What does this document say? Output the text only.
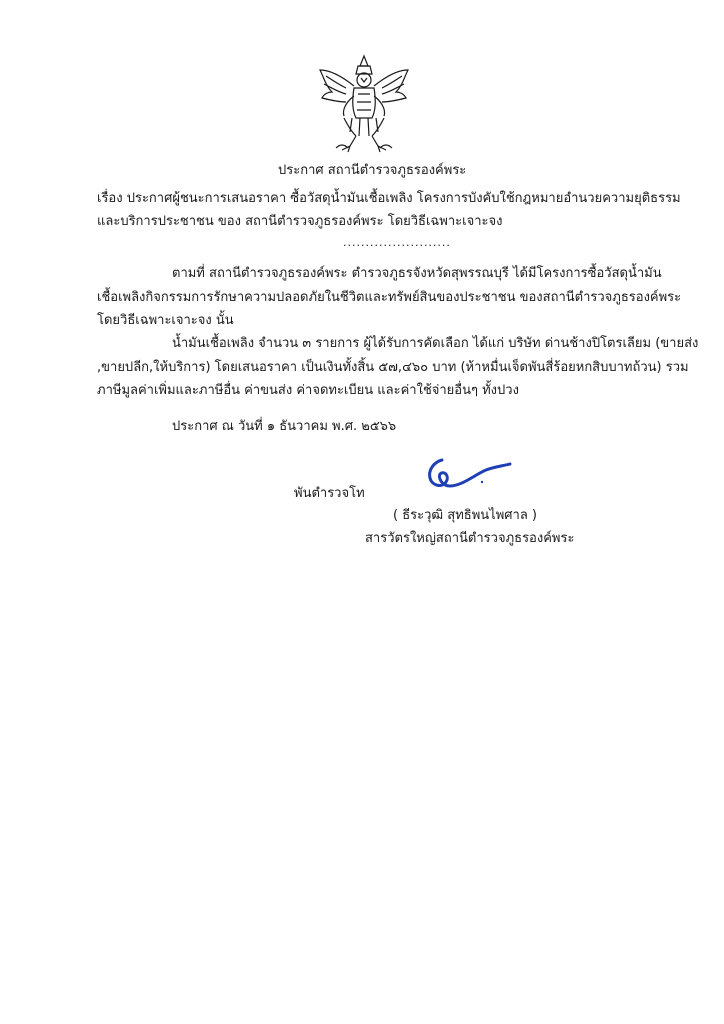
ประกาศ สถานีตำรวจภูธรองค์พระ
เรื่อง ประกาศผู้ชนะการเสนอราคา ซื้อวัสดุน้ำมันเชื้อเพลิง โครงการบังคับใช้กฎหมายอำนวยความยุติธรรม
และบริการประชาชน ของ สถานีตำรวจภูธรองค์พระ โดยวิธีเฉพาะเจาะจง
........................
ตามที่ สถานีตำรวจภูธรองค์พระ ตำรวจภูธรจังหวัดสุพรรณบุรี ได้มีโครงการซื้อวัสดุน้ำมัน
เชื้อเพลิงกิจกรรมการรักษาความปลอดภัยในชีวิตและทรัพย์สินของประชาชน ของสถานีตำรวจภูธรองค์พระ
โดยวิธีเฉพาะเจาะจง นั้น
น้ำมันเชื้อเพลิง จำนวน ๓ รายการ ผู้ได้รับการคัดเลือก ได้แก่ บริษัท ด่านช้างปิโตรเลียม (ขายส่ง
,ขายปลีก,ให้บริการ) โดยเสนอราคา เป็นเงินทั้งสิ้น ๕๗,๔๖๐ บาท (ห้าหมื่นเจ็ดพันสี่ร้อยหกสิบบาทถ้วน) รวม
ภาษีมูลค่าเพิ่มและภาษีอื่น ค่าขนส่ง ค่าจดทะเบียน และค่าใช้จ่ายอื่นๆ ทั้งปวง
ประกาศ ณ วันที่ ๑ ธันวาคม พ.ศ. ๒๕๖๖
พันตำรวจโท
( ธีระวุฒิ สุทธิพนไพศาล )
สารวัตรใหญ่สถานีตำรวจภูธรองค์พระ
